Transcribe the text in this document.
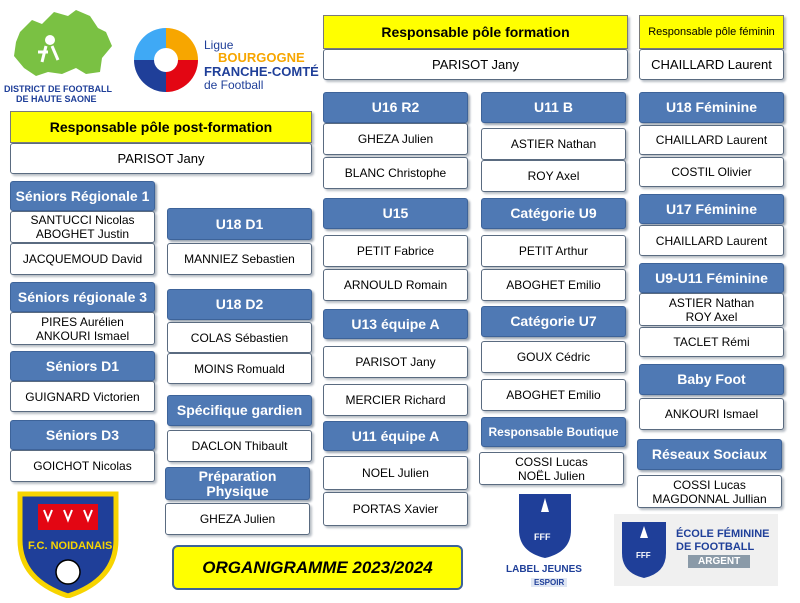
DISTRICT DE FOOTBALL
DE HAUTE SAONE
Ligue
BOURGOGNE
FRANCHE-COMTÉ
de Football
F.C. NOIDANAIS
FFF
LABEL JEUNES
ESPOIR
FFF
ÉCOLE FÉMININE
DE FOOTBALL
ARGENT
ORGANIGRAMME 2023/2024
Responsable pôle post-formation
PARISOT Jany
Séniors Régionale 1
SANTUCCI Nicolas
ABOGHET Justin
JACQUEMOUD David
Séniors régionale 3
PIRES Aurélien
ANKOURI Ismael
Séniors D1
GUIGNARD Victorien
Séniors D3
GOICHOT Nicolas
U18 D1
MANNIEZ Sebastien
U18 D2
COLAS Sébastien
MOINS Romuald
Spécifique gardien
DACLON Thibault
Préparation Physique
GHEZA Julien
Responsable pôle formation
PARISOT Jany
U16 R2
GHEZA Julien
BLANC Christophe
U15
PETIT Fabrice
ARNOULD Romain
U13 équipe A
PARISOT Jany
MERCIER Richard
U11 équipe A
NOEL Julien
PORTAS Xavier
U11 B
ASTIER Nathan
ROY Axel
Catégorie U9
PETIT Arthur
ABOGHET Emilio
Catégorie U7
GOUX Cédric
ABOGHET Emilio
Responsable Boutique
COSSI Lucas
NOËL Julien
Responsable pôle féminin
CHAILLARD Laurent
U18 Féminine
CHAILLARD Laurent
COSTIL Olivier
U17 Féminine
CHAILLARD Laurent
U9-U11 Féminine
ASTIER Nathan
ROY Axel
TACLET Rémi
Baby Foot
ANKOURI Ismael
Réseaux Sociaux
COSSI Lucas
MAGDONNAL Jullian
